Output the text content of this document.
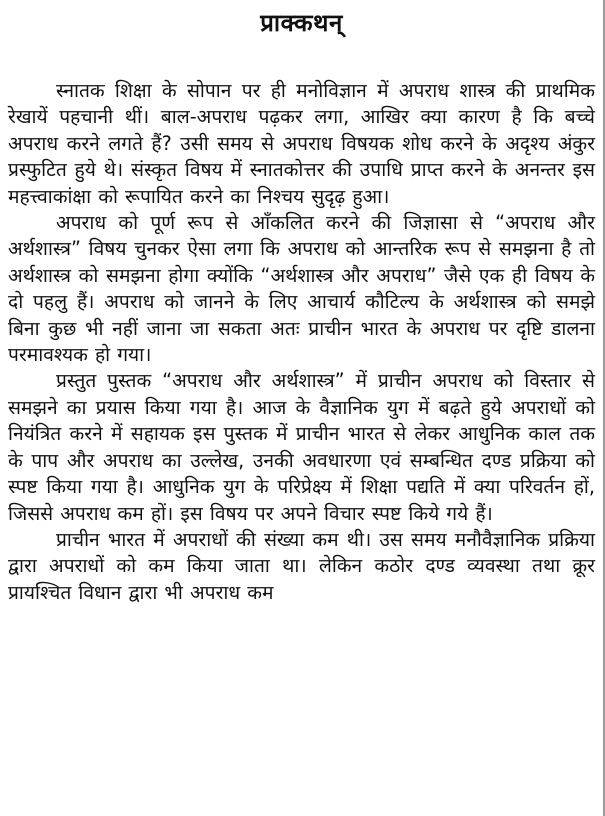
प्राक्कथन्

स्नातक शिक्षा के सोपान पर ही मनोविज्ञान में अपराध शास्त्र की प्राथमिक रेखायें पहचानी थीं। बाल-अपराध पढ़कर लगा, आखिर क्या कारण है कि बच्चे अपराध करने लगते हैं? उसी समय से अपराध विषयक शोध करने के अदृश्य अंकुर प्रस्फुटित हुये थे। संस्कृत विषय में स्नातकोत्तर की उपाधि प्राप्त करने के अनन्तर इस महत्त्वाकांक्षा को रूपायित करने का निश्चय सुदृढ़ हुआ।

अपराध को पूर्ण रूप से आँकलित करने की जिज्ञासा से “अपराध और अर्थशास्त्र” विषय चुनकर ऐसा लगा कि अपराध को आन्तरिक रूप से समझना है तो अर्थशास्त्र को समझना होगा क्योंकि “अर्थशास्त्र और अपराध” जैसे एक ही विषय के दो पहलु हैं। अपराध को जानने के लिए आचार्य कौटिल्य के अर्थशास्त्र को समझे बिना कुछ भी नहीं जाना जा सकता अतः प्राचीन भारत के अपराध पर दृष्टि डालना परमावश्यक हो गया।

प्रस्तुत पुस्तक “अपराध और अर्थशास्त्र” में प्राचीन अपराध को विस्तार से समझने का प्रयास किया गया है। आज के वैज्ञानिक युग में बढ़ते हुये अपराधों को नियंत्रित करने में सहायक इस पुस्तक में प्राचीन भारत से लेकर आधुनिक काल तक के पाप और अपराध का उल्लेख, उनकी अवधारणा एवं सम्बन्धित दण्ड प्रक्रिया को स्पष्ट किया गया है। आधुनिक युग के परिप्रेक्ष्य में शिक्षा पद्यति में क्या परिवर्तन हों, जिससे अपराध कम हों। इस विषय पर अपने विचार स्पष्ट किये गये हैं।

प्राचीन भारत में अपराधों की संख्या कम थी। उस समय मनौवैज्ञानिक प्रक्रिया द्वारा अपराधों को कम किया जाता था। लेकिन कठोर दण्ड व्यवस्था तथा क्रूर प्रायश्चित विधान द्वारा भी अपराध कम
